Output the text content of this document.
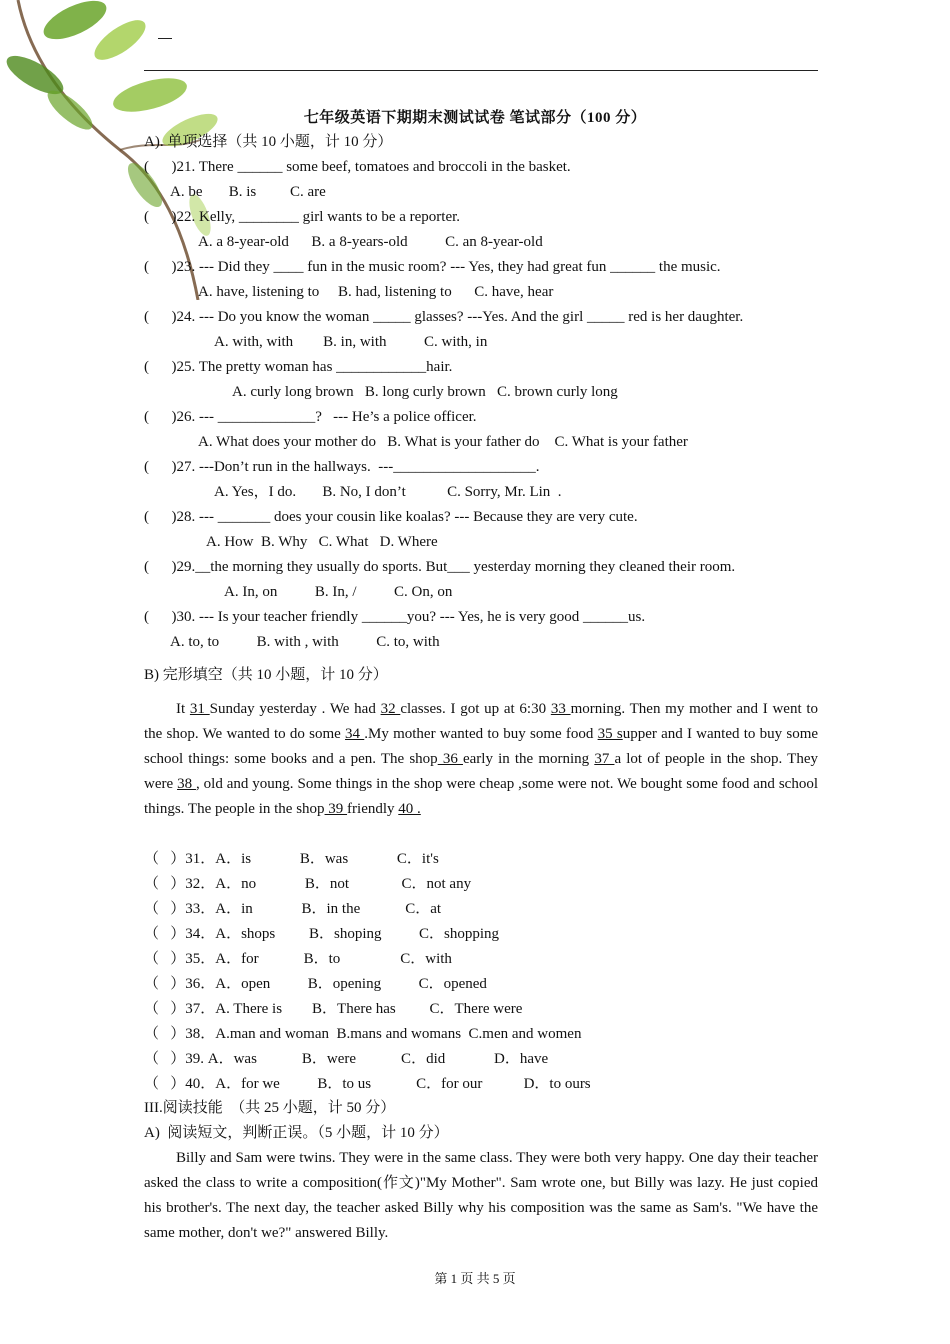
七年级英语下期期末测试试卷 笔试部分（100 分）
A). 单项选择（共 10 小题，计 10 分）
(      )21. There ______ some beef, tomatoes and broccoli in the basket.
A. be       B. is         C. are
(      )22. Kelly, ________ girl wants to be a reporter.
A. a 8-year-old      B. a 8-years-old          C. an 8-year-old
(      )23. --- Did they ____ fun in the music room? --- Yes, they had great fun ______ the music.
A. have, listening to     B. had, listening to      C. have, hear
(      )24. --- Do you know the woman _____ glasses? ---Yes. And the girl _____ red is her daughter.
A. with, with        B. in, with          C. with, in
(      )25. The pretty woman has ____________hair.
A. curly long brown   B. long curly brown   C. brown curly long
(      )26. --- _____________?   --- He’s a police officer.
A. What does your mother do   B. What is your father do    C. What is your father
(      )27. ---Don’t run in the hallways.  ---___________________.
A. Yes，I do.       B. No, I don’t           C. Sorry, Mr. Lin  .
(      )28. --- _______ does your cousin like koalas? --- Because they are very cute.
A. How  B. Why   C. What   D. Where
(      )29.__the morning they usually do sports. But___ yesterday morning they cleaned their room.
A. In, on          B. In, /          C. On, on
(      )30. --- Is your teacher friendly ______you? --- Yes, he is very good ______us.
A. to, to          B. with , with          C. to, with
B) 完形填空（共 10 小题，计 10 分）
It 31 Sunday yesterday . We had 32 classes. I got up at 6:30 33 morning. Then my mother and I went to the shop. We wanted to do some 34 .My mother wanted to buy some food 35 supper and I wanted to buy some school things: some books and a pen. The shop 36 early in the morning 37 a lot of people in the shop. They were 38 , old and young. Some things in the shop were cheap ,some were not. We bought some food and school things. The people in the shop 39 friendly 40 .
（   ）31．A．is             B．was             C．it's
（   ）32．A．no             B．not              C．not any
（   ）33．A．in             B．in the            C．at
（   ）34．A．shops         B．shoping          C．shopping
（   ）35．A．for            B．to                C．with
（   ）36．A．open          B．opening          C．opened
（   ）37．A. There is        B．There has         C．There were
（   ）38．A.man and woman  B.mans and womans  C.men and women
（   ）39. A．was            B．were            C．did             D．have
（   ）40．A．for we          B．to us            C．for our           D．to ours
III.阅读技能  （共 25 小题，计 50 分）
A)  阅读短文，判断正误。（5 小题，计 10 分）
Billy and Sam were twins. They were in the same class. They were both very happy. One day their teacher asked the class to write a composition(作文)"My Mother". Sam wrote one, but Billy was lazy. He just copied his brother's. The next day, the teacher asked Billy why his composition was the same as Sam's. "We have the same mother, don't we?" answered Billy.
第 1 页 共 5 页
